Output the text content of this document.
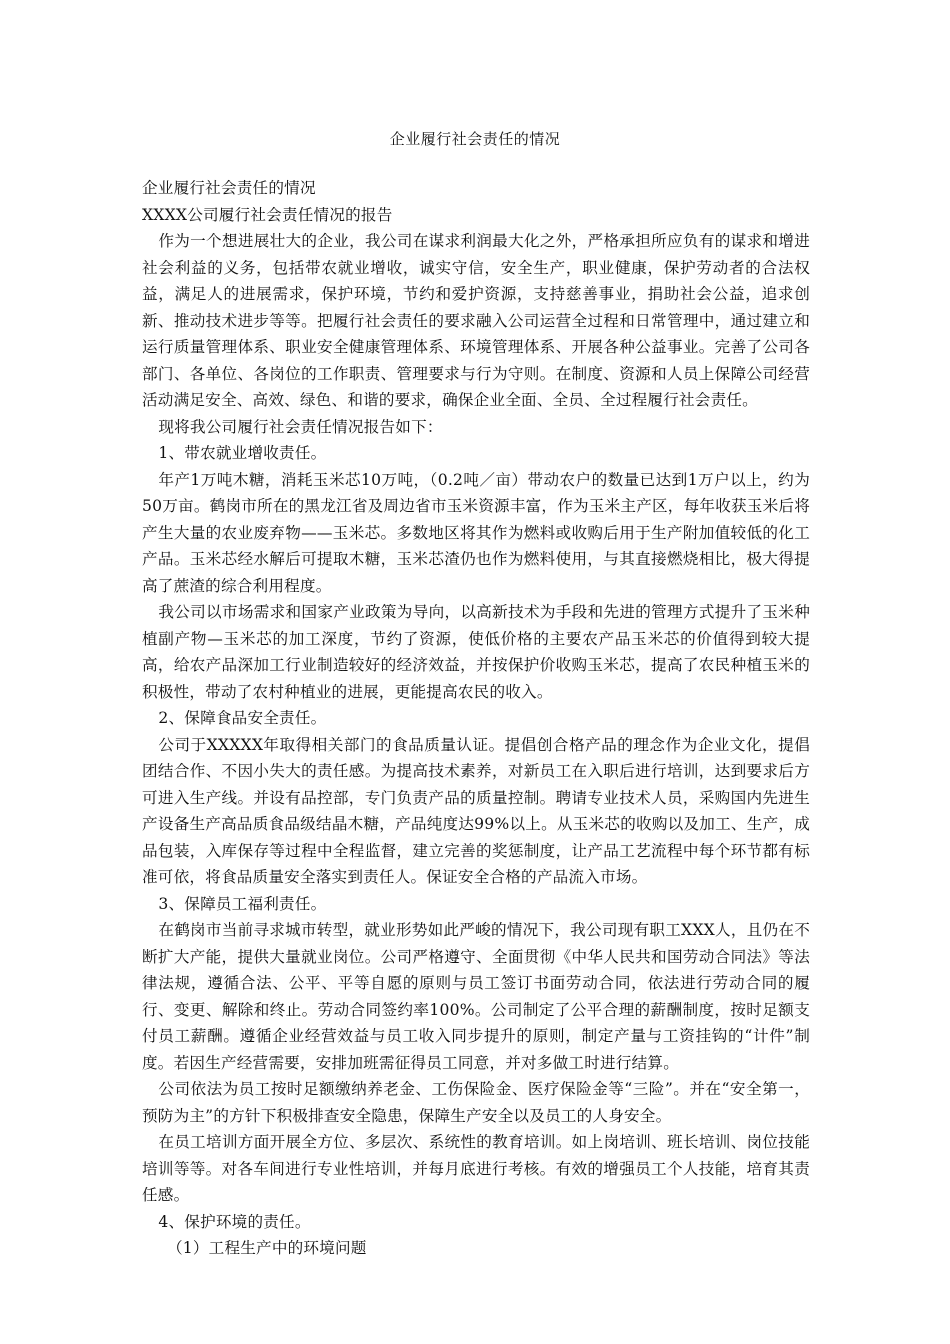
企业履行社会责任的情况

企业履行社会责任的情况

XXXX公司履行社会责任情况的报告

作为一个想进展壮大的企业，我公司在谋求利润最大化之外，严格承担所应负有的谋求和增进社会利益的义务，包括带农就业增收，诚实守信，安全生产，职业健康，保护劳动者的合法权益，满足人的进展需求，保护环境，节约和爱护资源，支持慈善事业，捐助社会公益，追求创新、推动技术进步等等。把履行社会责任的要求融入公司运营全过程和日常管理中，通过建立和运行质量管理体系、职业安全健康管理体系、环境管理体系、开展各种公益事业。完善了公司各部门、各单位、各岗位的工作职责、管理要求与行为守则。在制度、资源和人员上保障公司经营活动满足安全、高效、绿色、和谐的要求，确保企业全面、全员、全过程履行社会责任。

现将我公司履行社会责任情况报告如下：

1、带农就业增收责任。

年产1万吨木糖，消耗玉米芯10万吨，（0.2吨／亩）带动农户的数量已达到1万户以上，约为50万亩。鹤岗市所在的黑龙江省及周边省市玉米资源丰富，作为玉米主产区，每年收获玉米后将产生大量的农业废弃物——玉米芯。多数地区将其作为燃料或收购后用于生产附加值较低的化工产品。玉米芯经水解后可提取木糖，玉米芯渣仍也作为燃料使用，与其直接燃烧相比，极大得提高了蔗渣的综合利用程度。

我公司以市场需求和国家产业政策为导向，以高新技术为手段和先进的管理方式提升了玉米种植副产物—玉米芯的加工深度，节约了资源，使低价格的主要农产品玉米芯的价值得到较大提高，给农产品深加工行业制造较好的经济效益，并按保护价收购玉米芯，提高了农民种植玉米的积极性，带动了农村种植业的进展，更能提高农民的收入。

2、保障食品安全责任。

公司于XXXXX年取得相关部门的食品质量认证。提倡创合格产品的理念作为企业文化，提倡团结合作、不因小失大的责任感。为提高技术素养，对新员工在入职后进行培训，达到要求后方可进入生产线。并设有品控部，专门负责产品的质量控制。聘请专业技术人员，采购国内先进生产设备生产高品质食品级结晶木糖，产品纯度达99%以上。从玉米芯的收购以及加工、生产，成品包装，入库保存等过程中全程监督，建立完善的奖惩制度，让产品工艺流程中每个环节都有标准可依，将食品质量安全落实到责任人。保证安全合格的产品流入市场。

3、保障员工福利责任。

在鹤岗市当前寻求城市转型，就业形势如此严峻的情况下，我公司现有职工XXX人，且仍在不断扩大产能，提供大量就业岗位。公司严格遵守、全面贯彻《中华人民共和国劳动合同法》等法律法规，遵循合法、公平、平等自愿的原则与员工签订书面劳动合同，依法进行劳动合同的履行、变更、解除和终止。劳动合同签约率100%。公司制定了公平合理的薪酬制度，按时足额支付员工薪酬。遵循企业经营效益与员工收入同步提升的原则，制定产量与工资挂钩的“计件”制度。若因生产经营需要，安排加班需征得员工同意，并对多做工时进行结算。

公司依法为员工按时足额缴纳养老金、工伤保险金、医疗保险金等“三险”。并在“安全第一，预防为主”的方针下积极排查安全隐患，保障生产安全以及员工的人身安全。

在员工培训方面开展全方位、多层次、系统性的教育培训。如上岗培训、班长培训、岗位技能培训等等。对各车间进行专业性培训，并每月底进行考核。有效的增强员工个人技能，培育其责任感。

4、保护环境的责任。

（1）工程生产中的环境问题
